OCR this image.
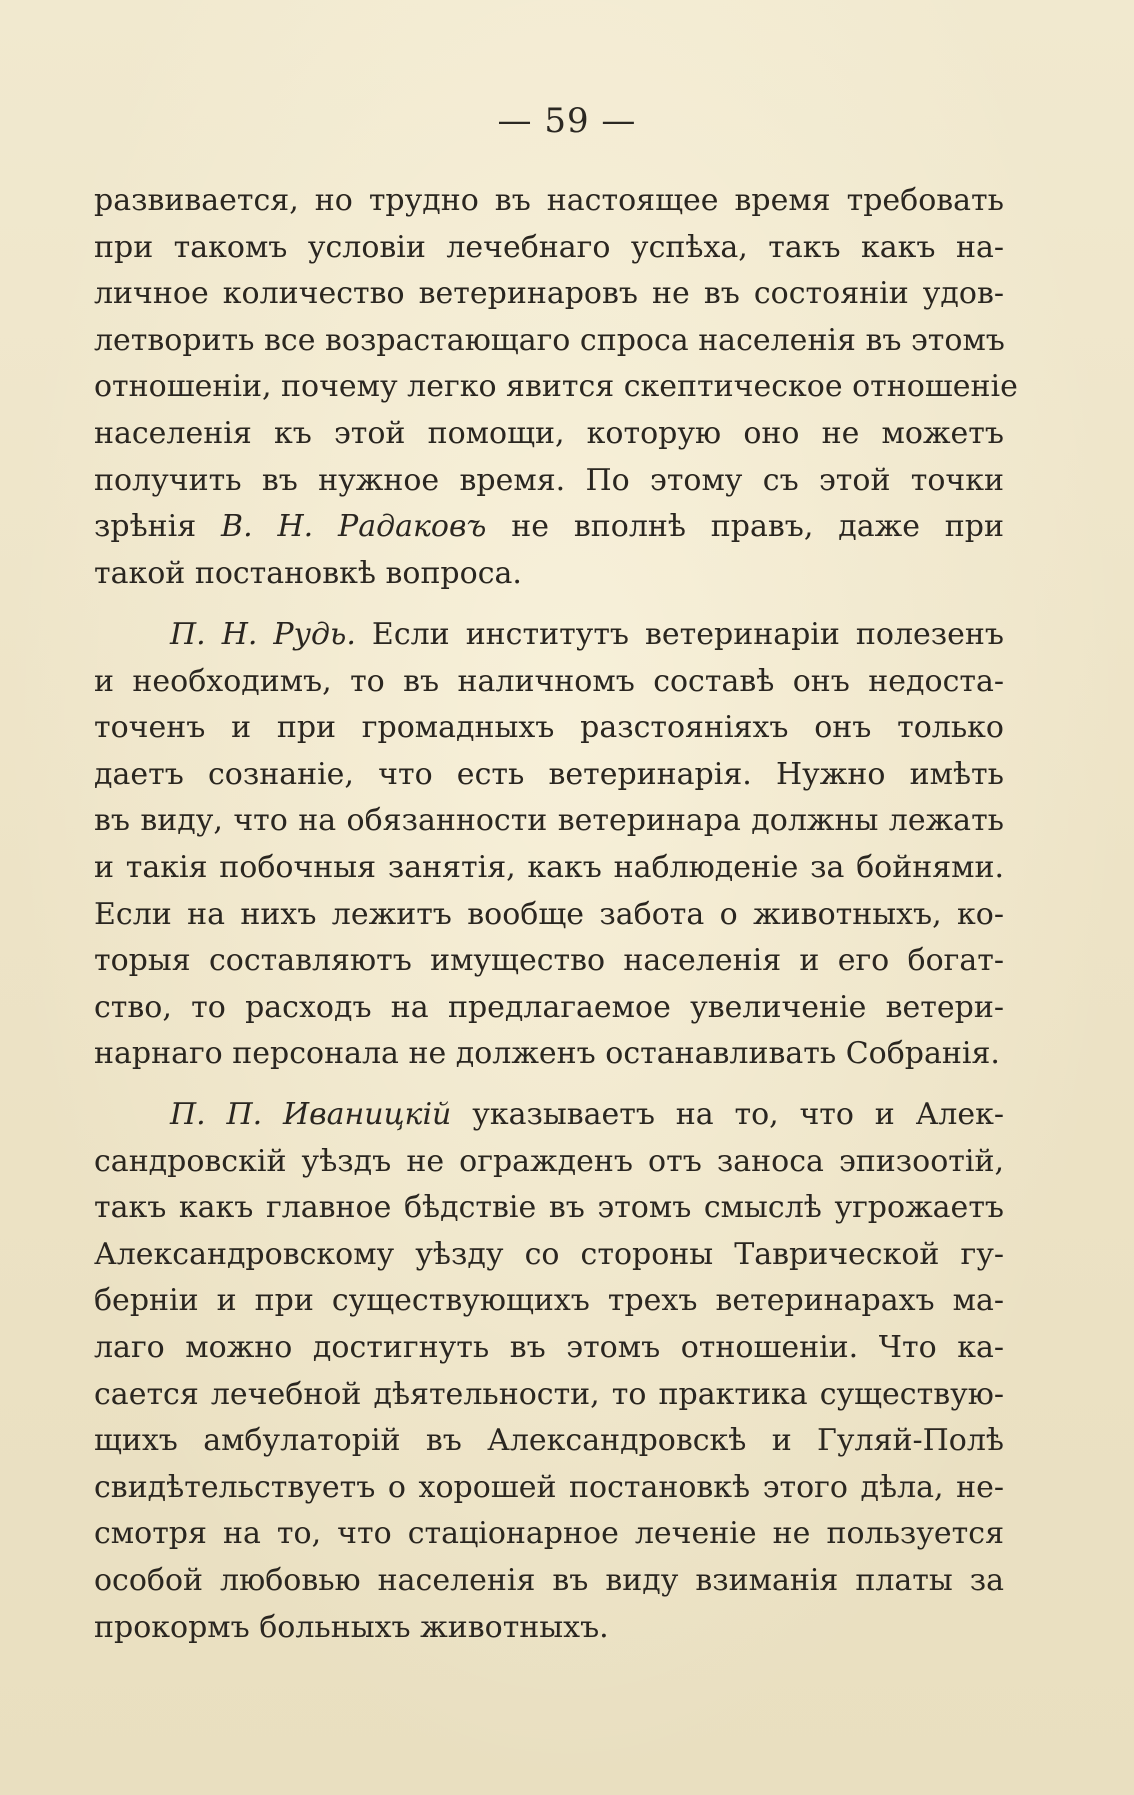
— 59 —
развивается, но трудно въ настоящее время требовать
при такомъ условіи лечебнаго успѣха, такъ какъ на-
личное количество ветеринаровъ не въ состояніи удов-
летворить все возрастающаго спроса населенія въ этомъ
отношеніи, почему легко явится скептическое отношеніе
населенія къ этой помощи, которую оно не можетъ
получить въ нужное время. По этому съ этой точки
зрѣнія В. Н. Радаковъ не вполнѣ правъ, даже при
такой постановкѣ вопроса.
П. Н. Рудь. Если институтъ ветеринаріи полезенъ
и необходимъ, то въ наличномъ составѣ онъ недоста-
точенъ и при громадныхъ разстояніяхъ онъ только
даетъ сознаніе, что есть ветеринарія. Нужно имѣть
въ виду, что на обязанности ветеринара должны лежать
и такія побочныя занятія, какъ наблюденіе за бойнями.
Если на нихъ лежитъ вообще забота о животныхъ, ко-
торыя составляютъ имущество населенія и его богат-
ство, то расходъ на предлагаемое увеличеніе ветери-
нарнаго персонала не долженъ останавливать Собранія.
П. П. Иваницкій указываетъ на то, что и Алек-
сандровскій уѣздъ не огражденъ отъ заноса эпизоотій,
такъ какъ главное бѣдствіе въ этомъ смыслѣ угрожаетъ
Александровскому уѣзду со стороны Таврической гу-
берніи и при существующихъ трехъ ветеринарахъ ма-
лаго можно достигнуть въ этомъ отношеніи. Что ка-
сается лечебной дѣятельности, то практика существую-
щихъ амбулаторій въ Александровскѣ и Гуляй-Полѣ
свидѣтельствуетъ о хорошей постановкѣ этого дѣла, не-
смотря на то, что стаціонарное леченіе не пользуется
особой любовью населенія въ виду взиманія платы за
прокормъ больныхъ животныхъ.
